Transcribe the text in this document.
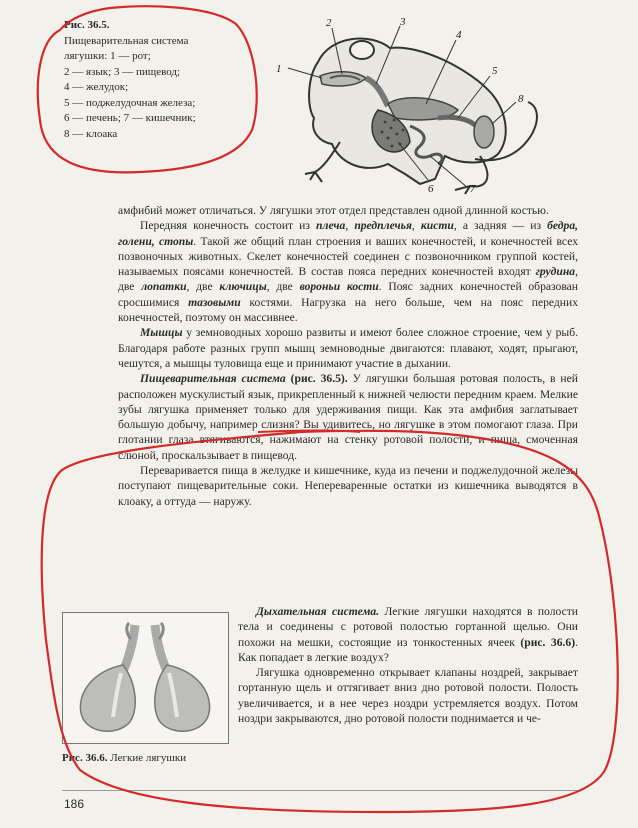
Рис. 36.5.
Пищеварительная система
лягушки: 1 — рот;
2 — язык; 3 — пищевод;
4 — желудок;
5 — поджелудочная железа;
6 — печень; 7 — кишечник;
8 — клоака
1
2	3
4
5
8
6	7

амфибий может отличаться. У лягушки этот отдел представлен одной длинной костью.

Передняя конечность состоит из плеча, предплечья, кисти, а задняя — из бедра, голени, стопы. Такой же общий план строения и ваших конечностей, и конечностей всех позвоночных животных. Скелет конечностей соединен с позвоночником группой костей, называемых поясами конечностей. В состав пояса передних конечностей входят грудина, две лопатки, две ключицы, две вороньи кости. Пояс задних конечностей образован сросшимися тазовыми костями. Нагрузка на него больше, чем на пояс передних конечностей, поэтому он массивнее.

Мышцы у земноводных хорошо развиты и имеют более сложное строение, чем у рыб. Благодаря работе разных групп мышц земноводные двигаются: плавают, ходят, прыгают, чешутся, а мышцы туловища еще и принимают участие в дыхании.

Пищеварительная система (рис. 36.5). У лягушки большая ротовая полость, в ней расположен мускулистый язык, прикрепленный к нижней челюсти передним краем. Мелкие зубы лягушка применяет только для удерживания пищи. Как эта амфибия заглатывает большую добычу, например слизня? Вы удивитесь, но лягушке в этом помогают глаза. При глотании глаза втягиваются, нажимают на стенку ротовой полости, и пища, смоченная слюной, проскальзывает в пищевод.

Переваривается пища в желудке и кишечнике, куда из печени и поджелудочной железы поступают пищеварительные соки. Непереваренные остатки из кишечника выводятся в клоаку, а оттуда — наружу.

Рис. 36.6. Легкие лягушки

Дыхательная система. Легкие лягушки находятся в полости тела и соединены с ротовой полостью гортанной щелью. Они похожи на мешки, состоящие из тонкостенных ячеек (рис. 36.6). Как попадает в легкие воздух?

Лягушка одновременно открывает клапаны ноздрей, закрывает гортанную щель и оттягивает вниз дно ротовой полости. Полость увеличивается, и в нее через ноздри устремляется воздух. Потом ноздри закрываются, дно ротовой полости поднимается и че-

186
